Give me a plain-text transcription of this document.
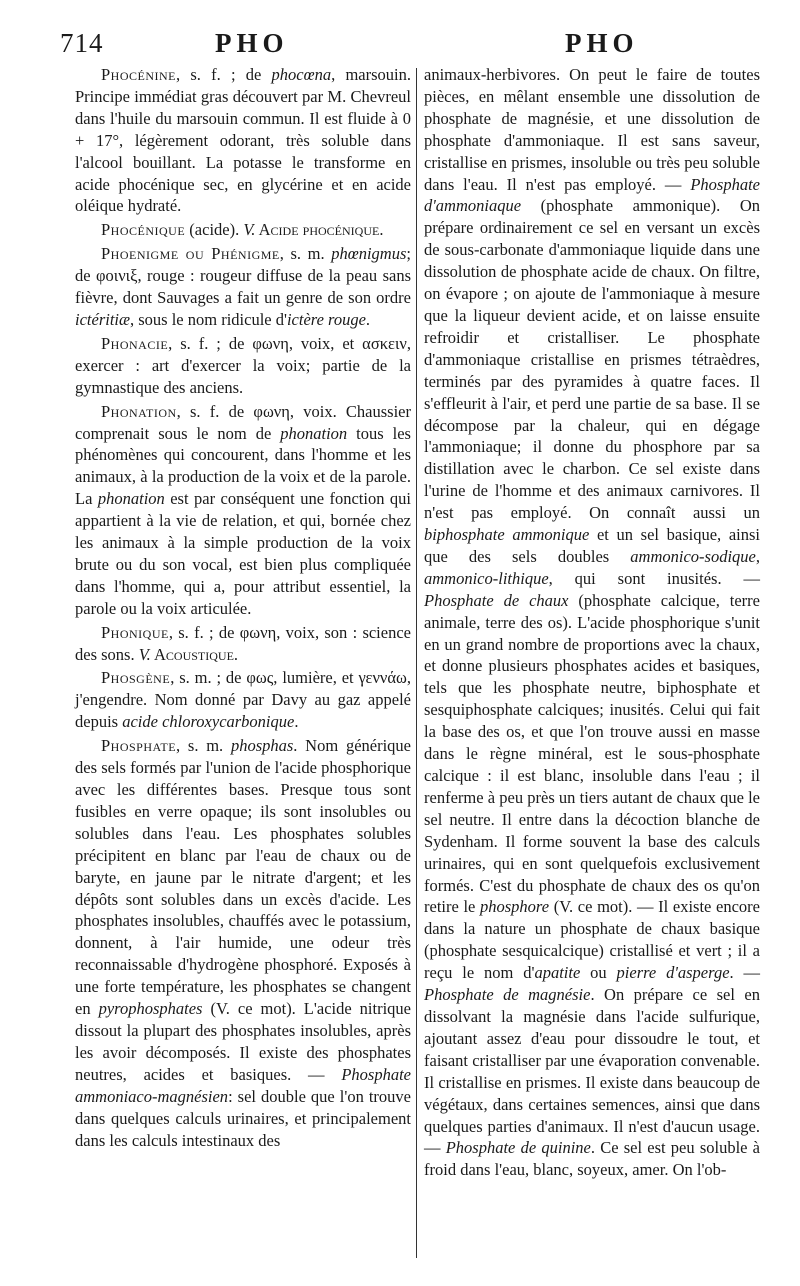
714	PHO	PHO

Phocénine, s. f. ; de phocœna, marsouin. Principe immédiat gras découvert par M. Chevreul dans l'huile du marsouin commun. Il est fluide à 0 + 17°, légèrement odorant, très soluble dans l'alcool bouillant. La potasse le transforme en acide phocénique sec, en glycérine et en acide oléique hydraté.

Phocénique (acide). V. Acide phocénique.

Phoenigme ou Phénigme, s. m. phœnigmus; de φοινιξ, rouge : rougeur diffuse de la peau sans fièvre, dont Sauvages a fait un genre de son ordre ictéritiæ, sous le nom ridicule d'ictère rouge.

Phonacie, s. f. ; de φωνη, voix, et ασκειν, exercer : art d'exercer la voix; partie de la gymnastique des anciens.

Phonation, s. f. de φωνη, voix. Chaussier comprenait sous le nom de phonation tous les phénomènes qui concourent, dans l'homme et les animaux, à la production de la voix et de la parole. La phonation est par conséquent une fonction qui appartient à la vie de relation, et qui, bornée chez les animaux à la simple production de la voix brute ou du son vocal, est bien plus compliquée dans l'homme, qui a, pour attribut essentiel, la parole ou la voix articulée.

Phonique, s. f. ; de φωνη, voix, son : science des sons. V. Acoustique.

Phosgène, s. m. ; de φως, lumière, et γεννάω, j'engendre. Nom donné par Davy au gaz appelé depuis acide chloroxycarbonique.

Phosphate, s. m. phosphas. Nom générique des sels formés par l'union de l'acide phosphorique avec les différentes bases. Presque tous sont fusibles en verre opaque; ils sont insolubles ou solubles dans l'eau. Les phosphates solubles précipitent en blanc par l'eau de chaux ou de baryte, en jaune par le nitrate d'argent; et les dépôts sont solubles dans un excès d'acide. Les phosphates insolubles, chauffés avec le potassium, donnent, à l'air humide, une odeur très reconnaissable d'hydrogène phosphoré. Exposés à une forte température, les phosphates se changent en pyrophosphates (V. ce mot). L'acide nitrique dissout la plupart des phosphates insolubles, après les avoir décomposés. Il existe des phosphates neutres, acides et basiques. — Phosphate ammoniaco-magnésien: sel double que l'on trouve dans quelques calculs urinaires, et principalement dans les calculs intestinaux des

animaux-herbivores. On peut le faire de toutes pièces, en mêlant ensemble une dissolution de phosphate de magnésie, et une dissolution de phosphate d'ammoniaque. Il est sans saveur, cristallise en prismes, insoluble ou très peu soluble dans l'eau. Il n'est pas employé. — Phosphate d'ammoniaque (phosphate ammonique). On prépare ordinairement ce sel en versant un excès de sous-carbonate d'ammoniaque liquide dans une dissolution de phosphate acide de chaux. On filtre, on évapore ; on ajoute de l'ammoniaque à mesure que la liqueur devient acide, et on laisse ensuite refroidir et cristalliser. Le phosphate d'ammoniaque cristallise en prismes tétraèdres, terminés par des pyramides à quatre faces. Il s'effleurit à l'air, et perd une partie de sa base. Il se décompose par la chaleur, qui en dégage l'ammoniaque; il donne du phosphore par sa distillation avec le charbon. Ce sel existe dans l'urine de l'homme et des animaux carnivores. Il n'est pas employé. On connaît aussi un biphosphate ammonique et un sel basique, ainsi que des sels doubles ammonico-sodique, ammonico-lithique, qui sont inusités. — Phosphate de chaux (phosphate calcique, terre animale, terre des os). L'acide phosphorique s'unit en un grand nombre de proportions avec la chaux, et donne plusieurs phosphates acides et basiques, tels que les phosphate neutre, biphosphate et sesquiphosphate calciques; inusités. Celui qui fait la base des os, et que l'on trouve aussi en masse dans le règne minéral, est le sous-phosphate calcique : il est blanc, insoluble dans l'eau ; il renferme à peu près un tiers autant de chaux que le sel neutre. Il entre dans la décoction blanche de Sydenham. Il forme souvent la base des calculs urinaires, qui en sont quelquefois exclusivement formés. C'est du phosphate de chaux des os qu'on retire le phosphore (V. ce mot). — Il existe encore dans la nature un phosphate de chaux basique (phosphate sesquicalcique) cristallisé et vert ; il a reçu le nom d'apatite ou pierre d'asperge. — Phosphate de magnésie. On prépare ce sel en dissolvant la magnésie dans l'acide sulfurique, ajoutant assez d'eau pour dissoudre le tout, et faisant cristalliser par une évaporation convenable. Il cristallise en prismes. Il existe dans beaucoup de végétaux, dans certaines semences, ainsi que dans quelques parties d'animaux. Il n'est d'aucun usage. — Phosphate de quinine. Ce sel est peu soluble à froid dans l'eau, blanc, soyeux, amer. On l'ob-
